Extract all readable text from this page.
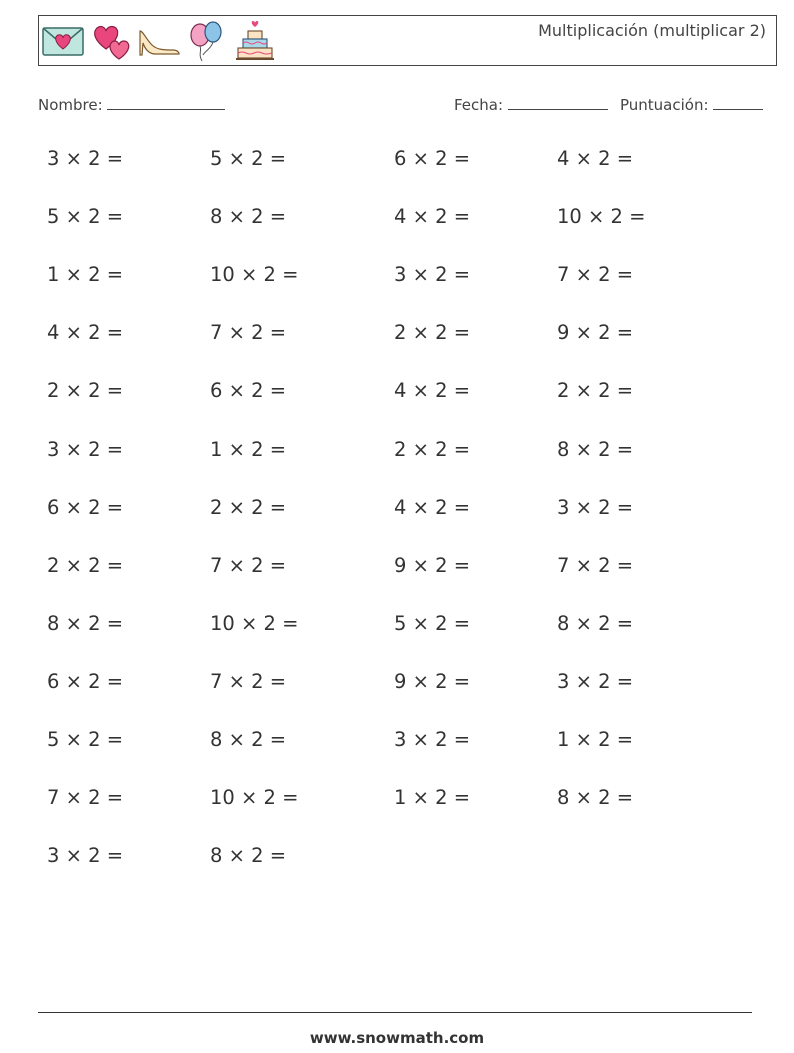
Multiplicación (multiplicar 2)
Nombre:	Fecha:	Puntuación:
3 × 2 =	5 × 2 =	6 × 2 =	4 × 2 =
5 × 2 =	8 × 2 =	4 × 2 =	10 × 2 =
1 × 2 =	10 × 2 =	3 × 2 =	7 × 2 =
4 × 2 =	7 × 2 =	2 × 2 =	9 × 2 =
2 × 2 =	6 × 2 =	4 × 2 =	2 × 2 =
3 × 2 =	1 × 2 =	2 × 2 =	8 × 2 =
6 × 2 =	2 × 2 =	4 × 2 =	3 × 2 =
2 × 2 =	7 × 2 =	9 × 2 =	7 × 2 =
8 × 2 =	10 × 2 =	5 × 2 =	8 × 2 =
6 × 2 =	7 × 2 =	9 × 2 =	3 × 2 =
5 × 2 =	8 × 2 =	3 × 2 =	1 × 2 =
7 × 2 =	10 × 2 =	1 × 2 =	8 × 2 =
3 × 2 =	8 × 2 =
www.snowmath.com
